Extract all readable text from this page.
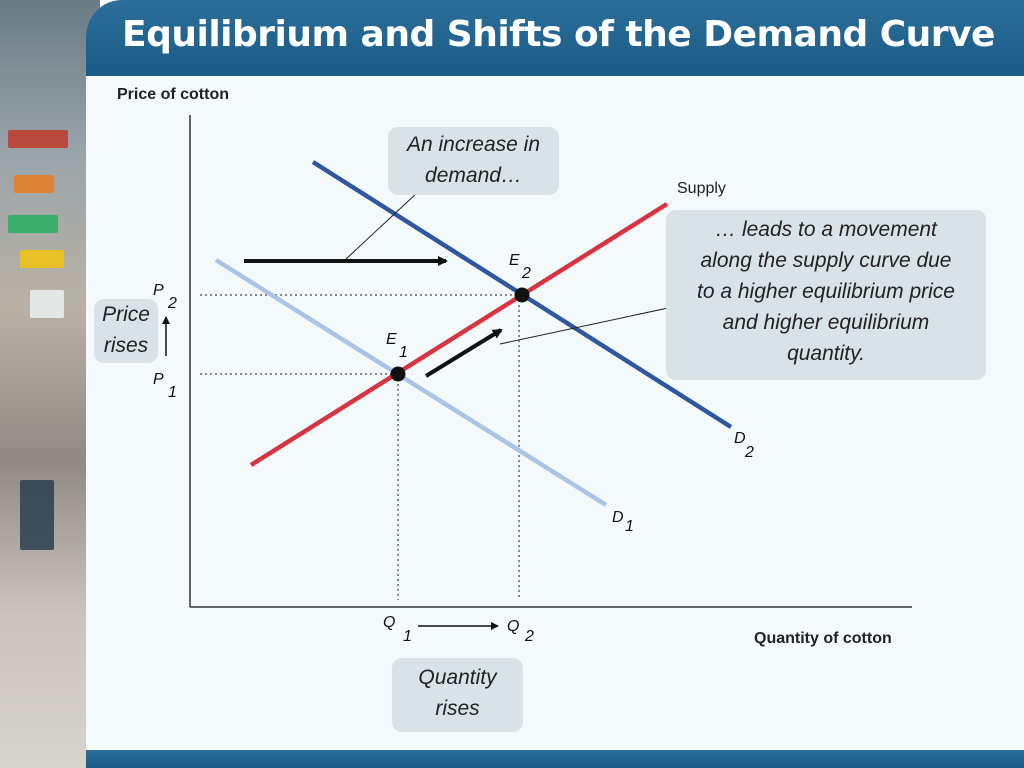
Equilibrium and Shifts of the Demand Curve
Price of cotton
Quantity of cotton
Supply
D
1
D
2
E
1
E
2
P
2
P
1
Q
1
Q
2
An increase in
demand…
… leads to a movement
along the supply curve due
to a higher equilibrium price
and higher equilibrium
quantity.
Price
rises
Quantity
rises
